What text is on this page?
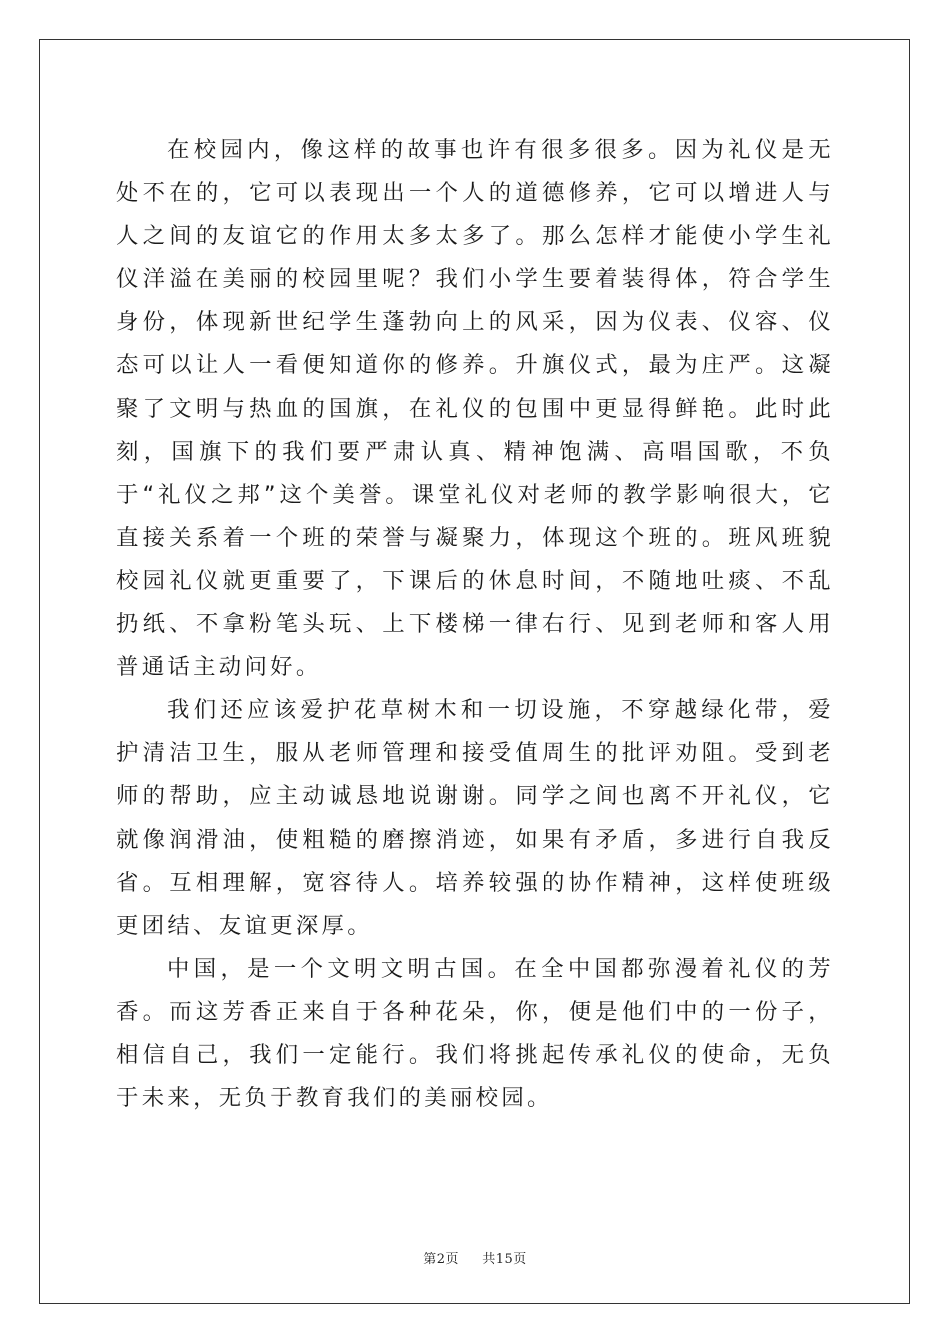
在校园内，像这样的故事也许有很多很多。因为礼仪是无处不在的，它可以表现出一个人的道德修养，它可以增进人与人之间的友谊它的作用太多太多了。那么怎样才能使小学生礼仪洋溢在美丽的校园里呢？我们小学生要着装得体，符合学生身份，体现新世纪学生蓬勃向上的风采，因为仪表、仪容、仪态可以让人一看便知道你的修养。升旗仪式，最为庄严。这凝聚了文明与热血的国旗，在礼仪的包围中更显得鲜艳。此时此刻，国旗下的我们要严肃认真、精神饱满、高唱国歌，不负于“礼仪之邦”这个美誉。课堂礼仪对老师的教学影响很大，它直接关系着一个班的荣誉与凝聚力，体现这个班的。班风班貌校园礼仪就更重要了，下课后的休息时间，不随地吐痰、不乱扔纸、不拿粉笔头玩、上下楼梯一律右行、见到老师和客人用普通话主动问好。

我们还应该爱护花草树木和一切设施，不穿越绿化带，爱护清洁卫生，服从老师管理和接受值周生的批评劝阻。受到老师的帮助，应主动诚恳地说谢谢。同学之间也离不开礼仪，它就像润滑油，使粗糙的磨擦消迹，如果有矛盾，多进行自我反省。互相理解，宽容待人。培养较强的协作精神，这样使班级更团结、友谊更深厚。

中国，是一个文明文明古国。在全中国都弥漫着礼仪的芳香。而这芳香正来自于各种花朵，你，便是他们中的一份子，相信自己，我们一定能行。我们将挑起传承礼仪的使命，无负于未来，无负于教育我们的美丽校园。

第2页 共15页
